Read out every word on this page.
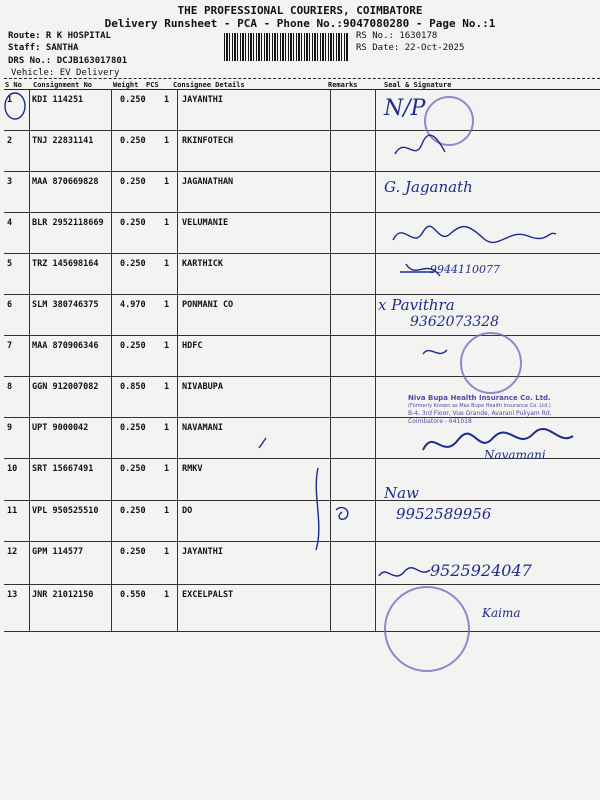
THE PROFESSIONAL COURIERS, COIMBATORE
Delivery Runsheet - PCA - Phone No.:9047080280 - Page No.:1
Route: R K HOSPITAL
Staff: SANTHA
DRS No.: DCJB163017801
Vehicle: EV Delivery
RS No.: 1630178
RS Date: 22-Oct-2025
S No Consignment No	Weight PCS Consignee Details	Remarks	Seal & Signature
1 KDI 114251	0.250 1 JAYANTHI
2 TNJ 22831141	0.250 1 RKINFOTECH
3 MAA 870669828	0.250 1 JAGANATHAN
4 BLR 2952118669 0.250 1 VELUMANIE
5 TRZ 145698164	0.250 1 KARTHICK
6 SLM 380746375	4.970 1 PONMANI CO
7 MAA 870906346	0.250 1 HDFC
8 GGN 912007082	0.850 1 NIVABUPA
9 UPT 9000042	0.250 1 NAVAMANI
10 SRT 15667491	0.250 1 RMKV
11 VPL 950525510	0.250 1 DO
12 GPM 114577	0.250 1 JAYANTHI
13 JNR 21012150	0.550 1 EXCELPALST
N/P
G. Jaganath
9944110077
x Pavithra
9362073328
Niva Bupa Health Insurance Co. Ltd.
(Formerly Known as Max Bupa Health Insurance Co. Ltd.)
B-4, 3rd Floor, Vue Grande, Avarani Puliyam Rd,
Coimbatore - 641018
Navamani
Naw
9952589956
9525924047
Kaima
